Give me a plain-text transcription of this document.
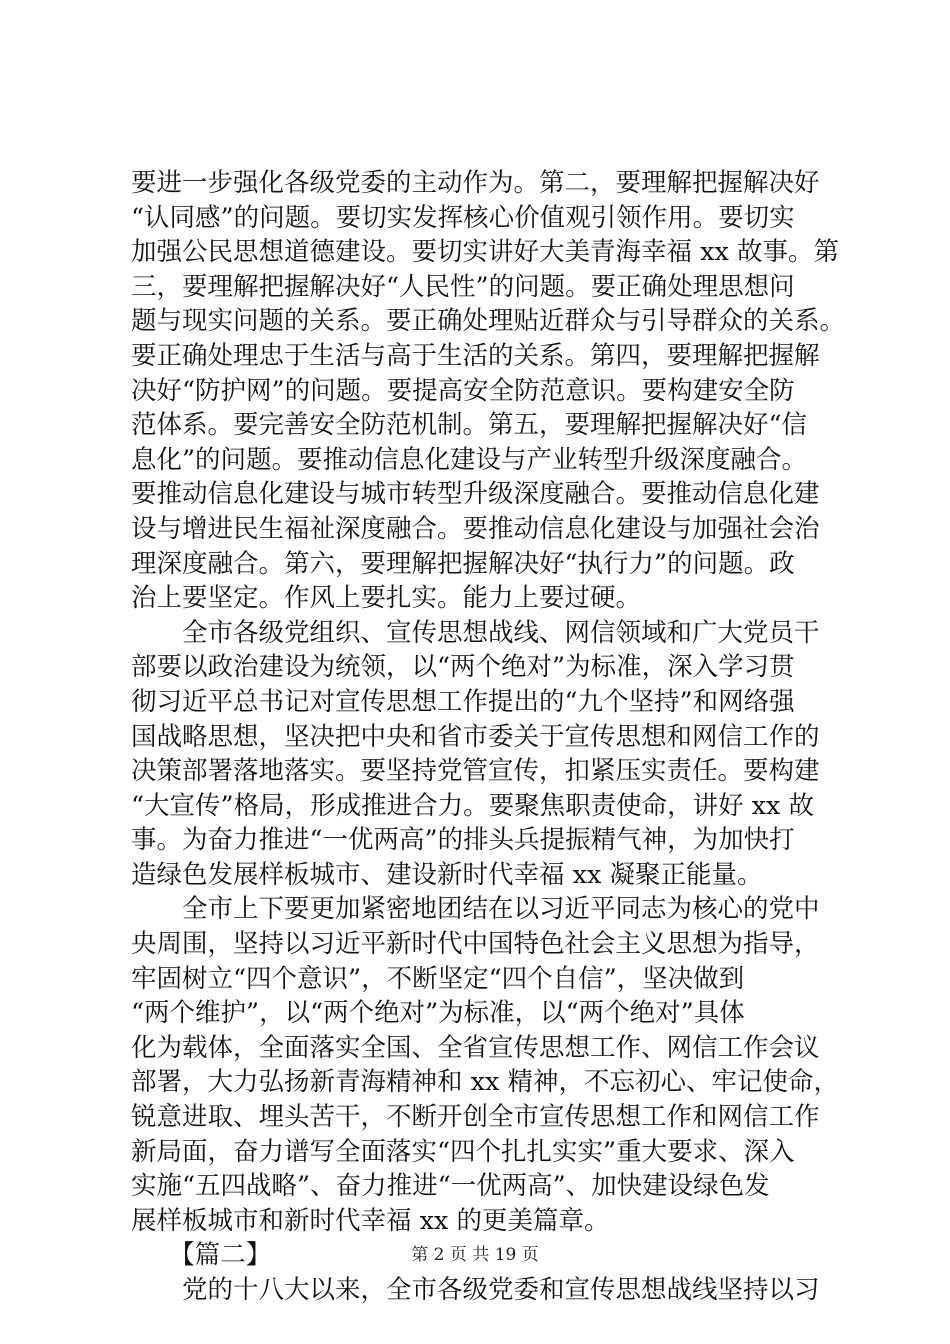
要进一步强化各级党委的主动作为。第二，要理解把握解决好
“认同感”的问题。要切实发挥核心价值观引领作用。要切实
加强公民思想道德建设。要切实讲好大美青海幸福 xx 故事。第
三，要理解把握解决好“人民性”的问题。要正确处理思想问
题与现实问题的关系。要正确处理贴近群众与引导群众的关系。
要正确处理忠于生活与高于生活的关系。第四，要理解把握解
决好“防护网”的问题。要提高安全防范意识。要构建安全防
范体系。要完善安全防范机制。第五，要理解把握解决好“信
息化”的问题。要推动信息化建设与产业转型升级深度融合。
要推动信息化建设与城市转型升级深度融合。要推动信息化建
设与增进民生福祉深度融合。要推动信息化建设与加强社会治
理深度融合。第六，要理解把握解决好“执行力”的问题。政
治上要坚定。作风上要扎实。能力上要过硬。
　　全市各级党组织、宣传思想战线、网信领域和广大党员干
部要以政治建设为统领，以“两个绝对”为标准，深入学习贯
彻习近平总书记对宣传思想工作提出的“九个坚持”和网络强
国战略思想，坚决把中央和省市委关于宣传思想和网信工作的
决策部署落地落实。要坚持党管宣传，扣紧压实责任。要构建
“大宣传”格局，形成推进合力。要聚焦职责使命，讲好 xx 故
事。为奋力推进“一优两高”的排头兵提振精气神，为加快打
造绿色发展样板城市、建设新时代幸福 xx 凝聚正能量。
　　全市上下要更加紧密地团结在以习近平同志为核心的党中
央周围，坚持以习近平新时代中国特色社会主义思想为指导，
牢固树立“四个意识”，不断坚定“四个自信”，坚决做到
“两个维护”，以“两个绝对”为标准，以“两个绝对”具体
化为载体，全面落实全国、全省宣传思想工作、网信工作会议
部署，大力弘扬新青海精神和 xx 精神，不忘初心、牢记使命，
锐意进取、埋头苦干，不断开创全市宣传思想工作和网信工作
新局面，奋力谱写全面落实“四个扎扎实实”重大要求、深入
实施“五四战略”、奋力推进“一优两高”、加快建设绿色发
展样板城市和新时代幸福 xx 的更美篇章。
　　【篇二】
　　党的十八大以来，全市各级党委和宣传思想战线坚持以习
第 2 页 共 19 页
